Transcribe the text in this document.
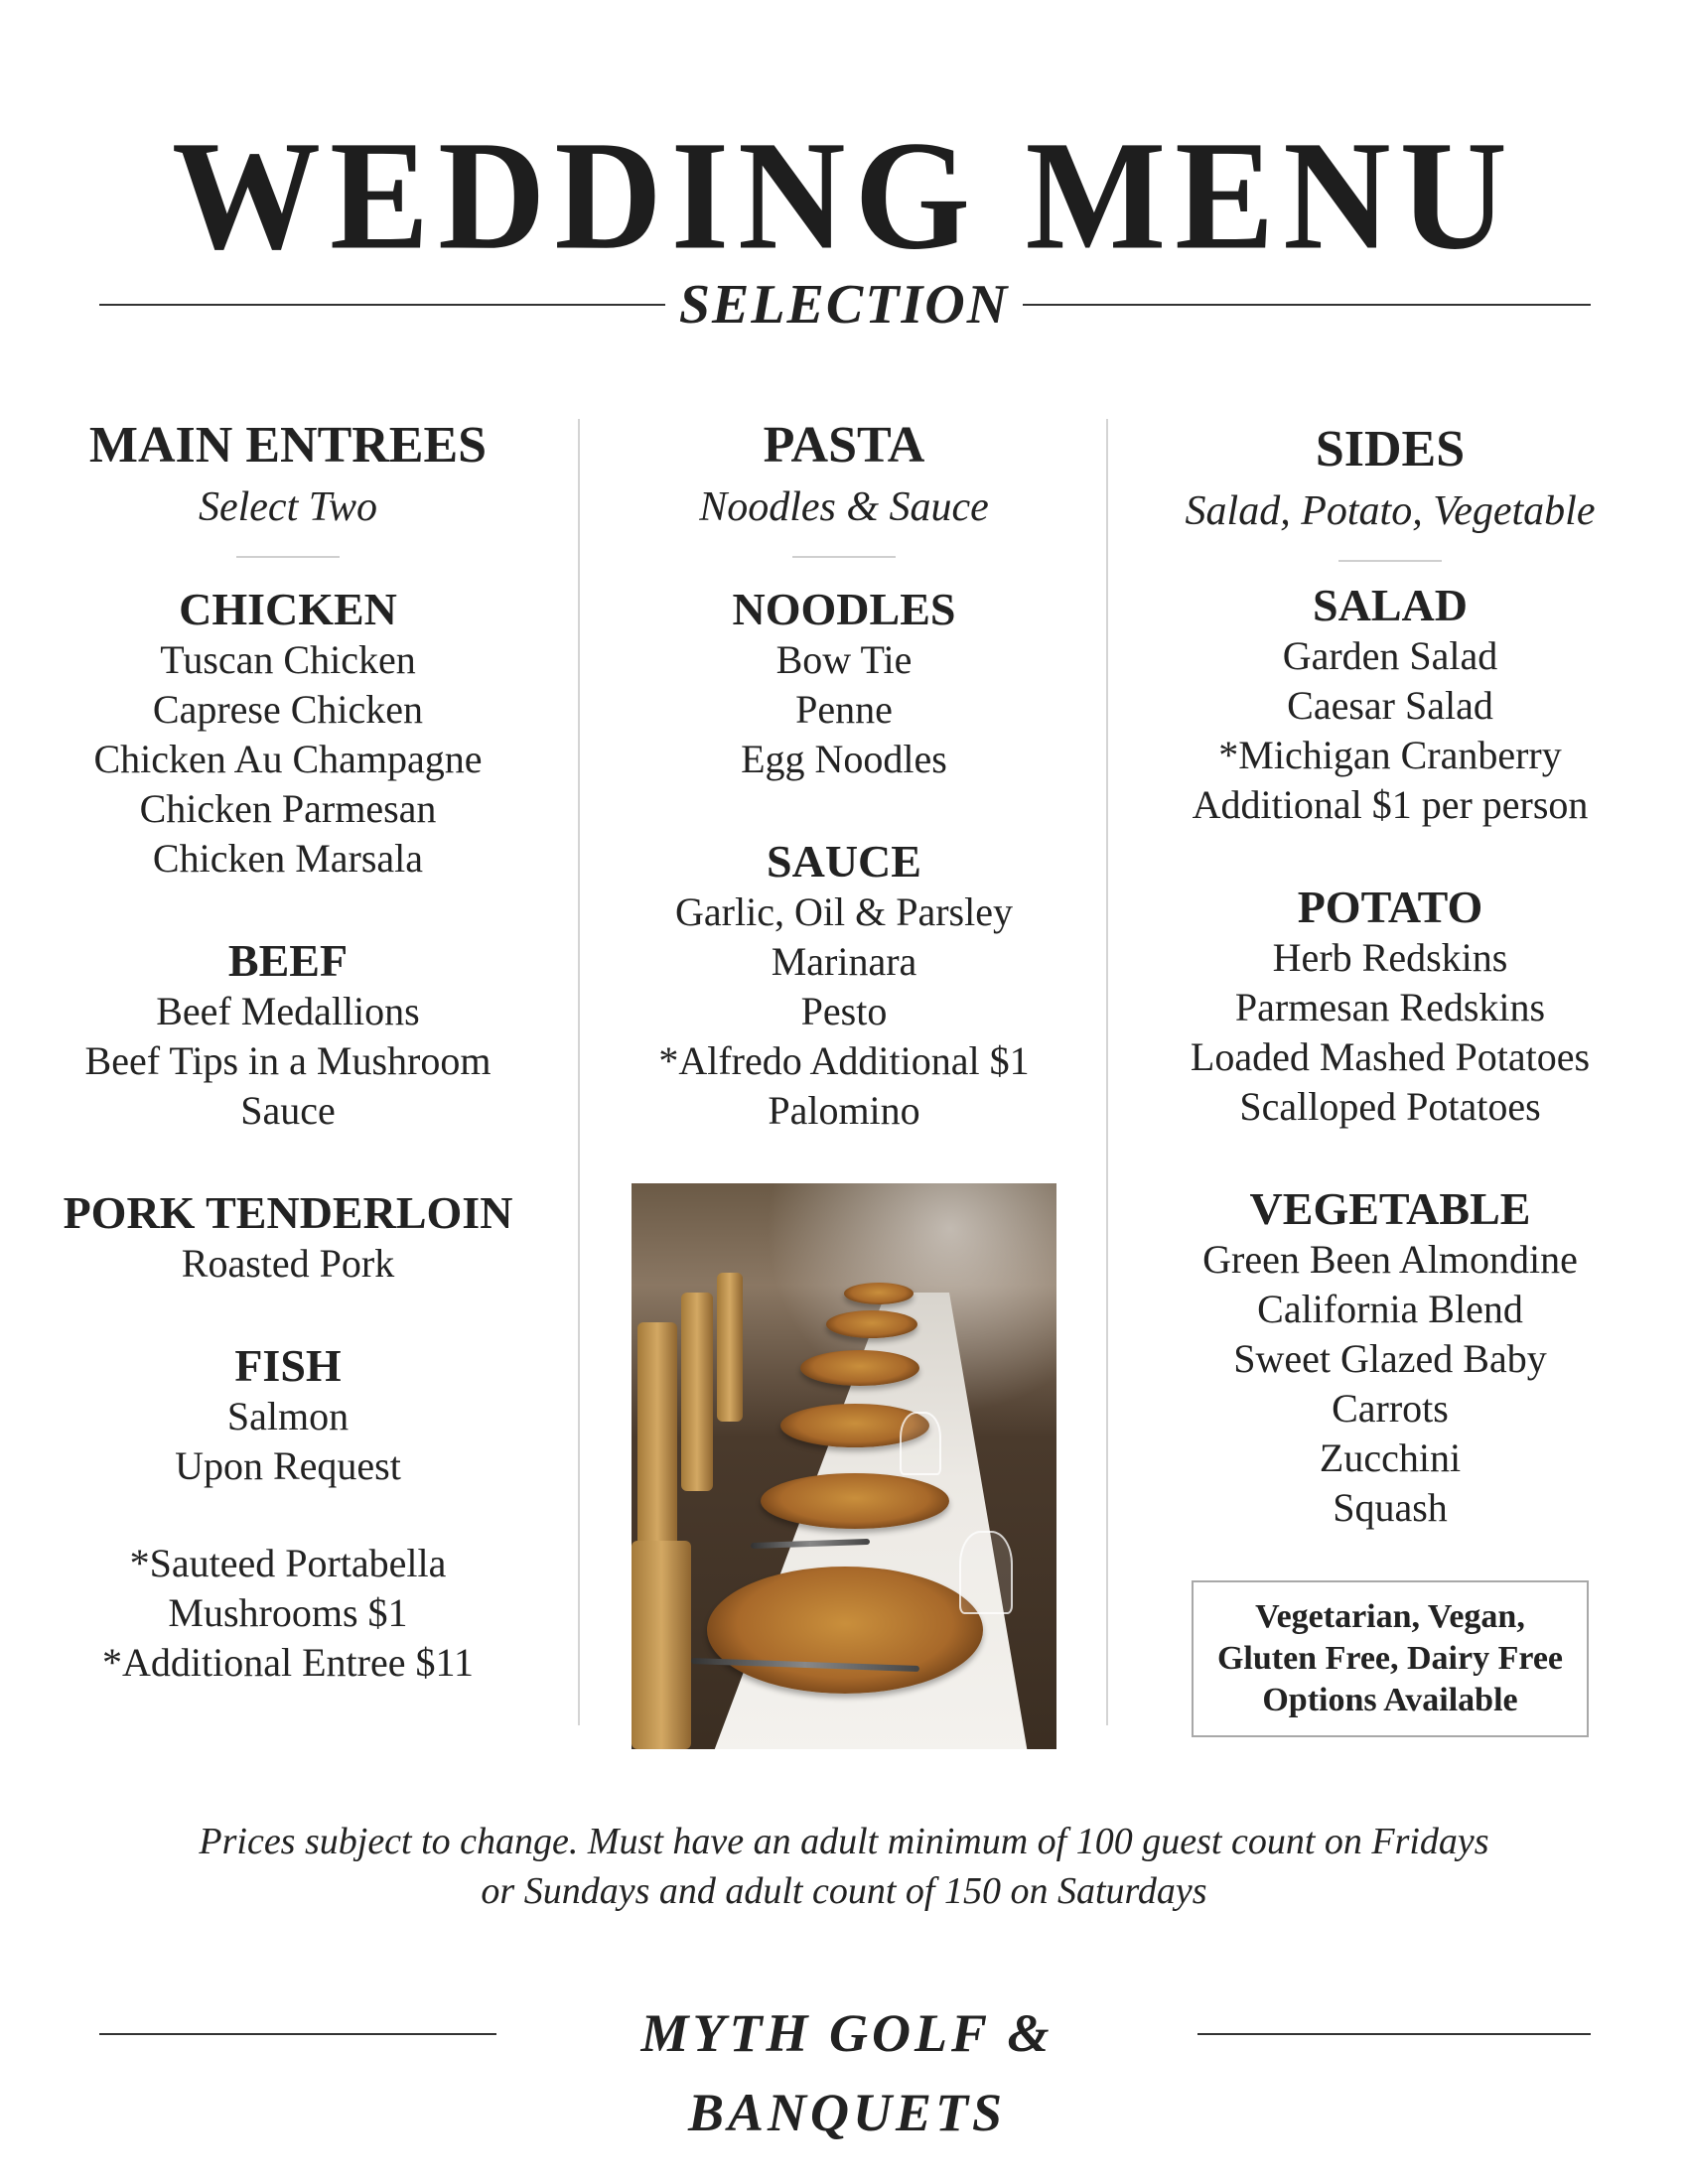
WEDDING MENU
SELECTION
MAIN ENTREES
Select Two
CHICKEN
Tuscan Chicken
Caprese Chicken
Chicken Au Champagne
Chicken Parmesan
Chicken Marsala
BEEF
Beef Medallions
Beef Tips in a Mushroom
Sauce
PORK TENDERLOIN
Roasted Pork
FISH
Salmon
Upon Request
*Sauteed Portabella
Mushrooms $1
*Additional Entree $11
PASTA
Noodles & Sauce
NOODLES
Bow Tie
Penne
Egg Noodles
SAUCE
Garlic, Oil & Parsley
Marinara
Pesto
*Alfredo Additional $1
Palomino
SIDES
Salad, Potato, Vegetable
SALAD
Garden Salad
Caesar Salad
*Michigan Cranberry
Additional $1 per person
POTATO
Herb Redskins
Parmesan Redskins
Loaded Mashed Potatoes
Scalloped Potatoes
VEGETABLE
Green Been Almondine
California Blend
Sweet Glazed Baby
Carrots
Zucchini
Squash
Vegetarian, Vegan,
Gluten Free, Dairy Free
Options Available
Prices subject to change. Must have an adult minimum of 100 guest count on Fridays
or Sundays and adult count of 150 on Saturdays
MYTH GOLF & BANQUETS
